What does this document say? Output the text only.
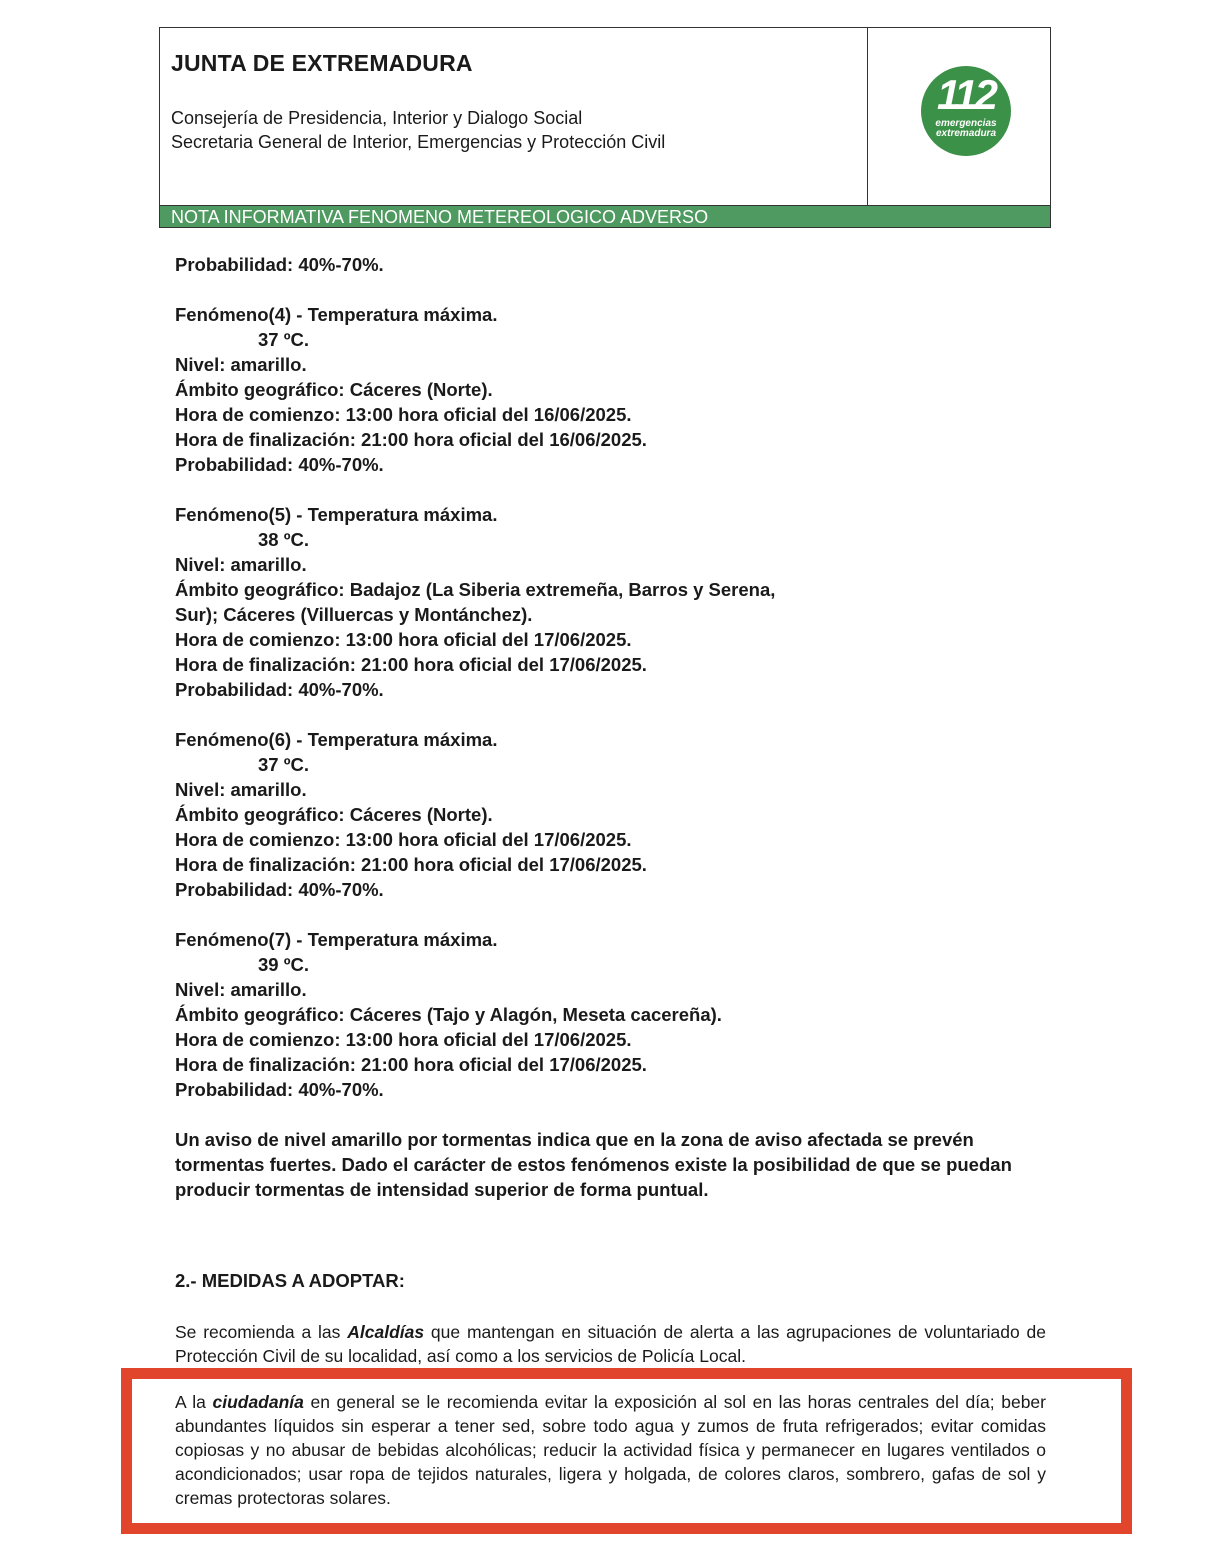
JUNTA DE EXTREMADURA
Consejería de Presidencia, Interior y Dialogo Social
Secretaria General de Interior, Emergencias y Protección Civil
112
emergencias
extremadura
NOTA INFORMATIVA FENOMENO METEREOLOGICO ADVERSO
Probabilidad: 40%-70%.
Fenómeno(4) - Temperatura máxima.
37 ºC.
Nivel: amarillo.
Ámbito geográfico: Cáceres (Norte).
Hora de comienzo: 13:00 hora oficial del 16/06/2025.
Hora de finalización: 21:00 hora oficial del 16/06/2025.
Probabilidad: 40%-70%.
Fenómeno(5) - Temperatura máxima.
38 ºC.
Nivel: amarillo.
Ámbito geográfico: Badajoz (La Siberia extremeña, Barros y Serena,
Sur); Cáceres (Villuercas y Montánchez).
Hora de comienzo: 13:00 hora oficial del 17/06/2025.
Hora de finalización: 21:00 hora oficial del 17/06/2025.
Probabilidad: 40%-70%.
Fenómeno(6) - Temperatura máxima.
37 ºC.
Nivel: amarillo.
Ámbito geográfico: Cáceres (Norte).
Hora de comienzo: 13:00 hora oficial del 17/06/2025.
Hora de finalización: 21:00 hora oficial del 17/06/2025.
Probabilidad: 40%-70%.
Fenómeno(7) - Temperatura máxima.
39 ºC.
Nivel: amarillo.
Ámbito geográfico: Cáceres (Tajo y Alagón, Meseta cacereña).
Hora de comienzo: 13:00 hora oficial del 17/06/2025.
Hora de finalización: 21:00 hora oficial del 17/06/2025.
Probabilidad: 40%-70%.
Un aviso de nivel amarillo por tormentas indica que en la zona de aviso afectada se prevén tormentas fuertes. Dado el carácter de estos fenómenos existe la posibilidad de que se puedan producir tormentas de intensidad superior de forma puntual.
2.- MEDIDAS A ADOPTAR:
Se recomienda a las Alcaldías que mantengan en situación de alerta a las agrupaciones de voluntariado de Protección Civil de su localidad, así como a los servicios de Policía Local.
A la ciudadanía en general se le recomienda evitar la exposición al sol en las horas centrales del día; beber abundantes líquidos sin esperar a tener sed, sobre todo agua y zumos de fruta refrigerados; evitar comidas copiosas y no abusar de bebidas alcohólicas; reducir la actividad física y permanecer en lugares ventilados o acondicionados; usar ropa de tejidos naturales, ligera y holgada, de colores claros, sombrero, gafas de sol y cremas protectoras solares.
